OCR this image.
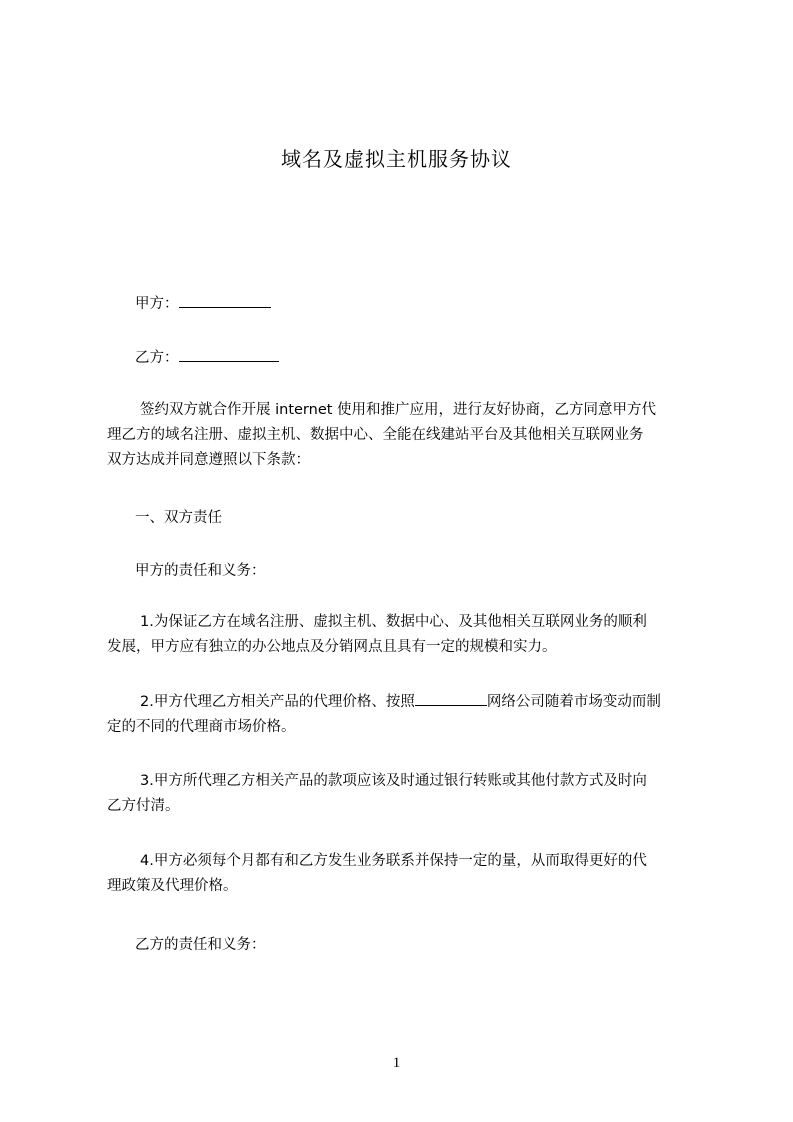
域名及虚拟主机服务协议
甲方：
乙方：
签约双方就合作开展 internet 使用和推广应用，进行友好协商，乙方同意甲方代
理乙方的域名注册、虚拟主机、数据中心、全能在线建站平台及其他相关互联网业务
双方达成并同意遵照以下条款：
一、双方责任
甲方的责任和义务：
1.为保证乙方在域名注册、虚拟主机、数据中心、及其他相关互联网业务的顺利
发展，甲方应有独立的办公地点及分销网点且具有一定的规模和实力。
2.甲方代理乙方相关产品的代理价格、按照	网络公司随着市场变动而制
定的不同的代理商市场价格。
3.甲方所代理乙方相关产品的款项应该及时通过银行转账或其他付款方式及时向
乙方付清。
4.甲方必须每个月都有和乙方发生业务联系并保持一定的量，从而取得更好的代
理政策及代理价格。
乙方的责任和义务：
1
